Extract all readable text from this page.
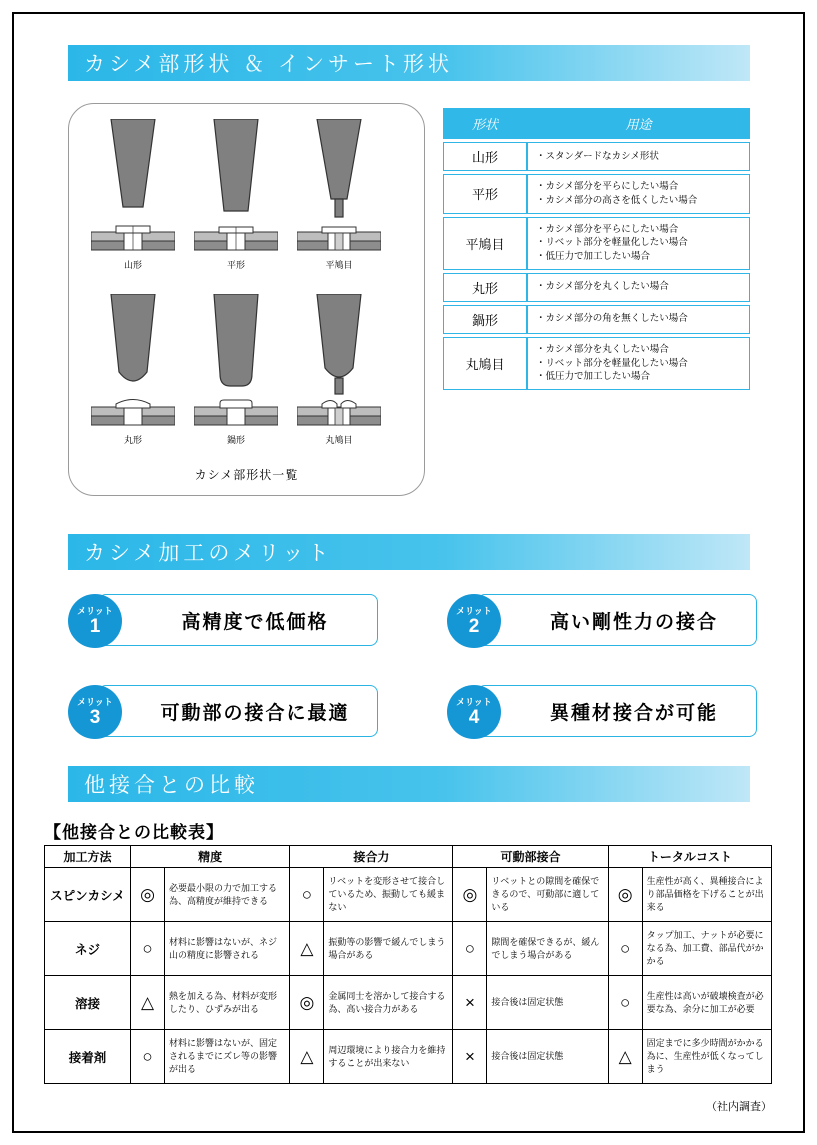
カシメ部形状 ＆ インサート形状
山形	平形	平鳩目
丸形	鍋形	丸鳩目
カシメ部形状一覧
形状	用途
山形	・スタンダードなカシメ形状

平形	・カシメ部分を平らにしたい場合
・カシメ部分の高さを低くしたい場合

平鳩目	・カシメ部分を平らにしたい場合
・リベット部分を軽量化したい場合
・低圧力で加工したい場合

丸形	・カシメ部分を丸くしたい場合

鍋形	・カシメ部分の角を無くしたい場合

丸鳩目	・カシメ部分を丸くしたい場合
・リベット部分を軽量化したい場合
・低圧力で加工したい場合
カシメ加工のメリット
高精度で低価格
メリット
1	高い剛性力の接合
メリット
2
可動部の接合に最適
メリット
3	異種材接合が可能
メリット
4
他接合との比較
【他接合との比較表】
加工方法	精度		接合力		可動部接合		トータルコスト	
スピンカシメ	◎	必要最小限の力で加工する為、高精度が維持できる	○	リベットを変形させて接合しているため、振動しても緩まない	◎	リベットとの隙間を確保できるので、可動部に適している	◎	生産性が高く、異種接合により部品価格を下げることが出来る
ネジ	○	材料に影響はないが、ネジ山の精度に影響される	△	振動等の影響で緩んでしまう場合がある	○	隙間を確保できるが、緩んでしまう場合がある	○	タップ加工、ナットが必要になる為、加工費、部品代がかかる
溶接	△	熱を加える為、材料が変形したり、ひずみが出る	◎	金属同士を溶かして接合する為、高い接合力がある	×	接合後は固定状態	○	生産性は高いが破壊検査が必要な為、余分に加工が必要
接着剤	○	材料に影響はないが、固定されるまでにズレ等の影響が出る	△	周辺環境により接合力を維持することが出来ない	×	接合後は固定状態	△	固定までに多少時間がかかる為に、生産性が低くなってしまう
（社内調査）
